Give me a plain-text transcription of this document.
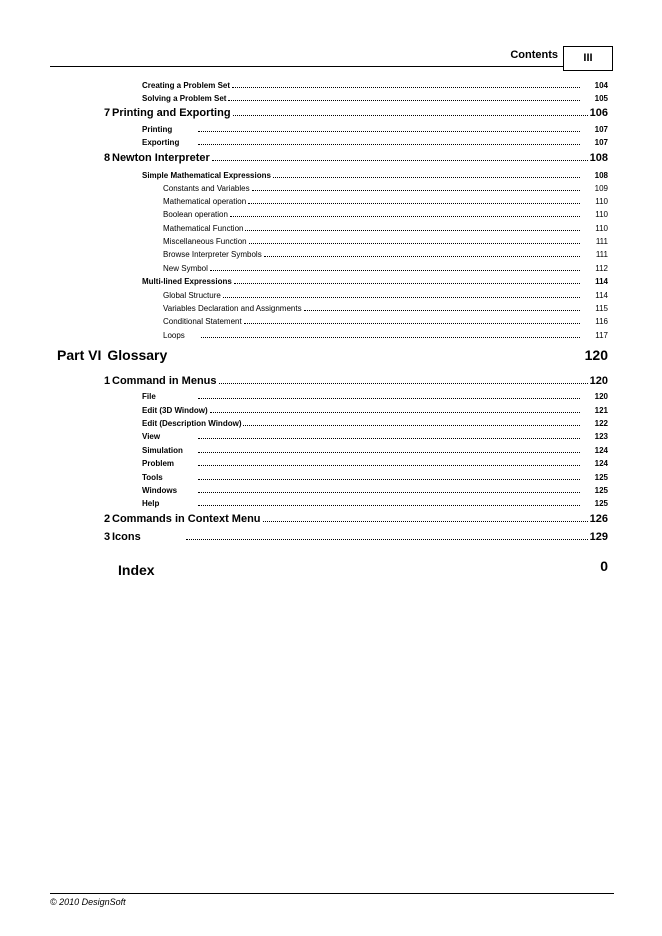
Contents	III
Creating a Problem Set	104
Solving a Problem Set	105
7 Printing and Exporting	106
Printing	107
Exporting	107
8 Newton Interpreter	108
Simple Mathematical Expressions	108
Constants and Variables	109
Mathematical operation	110
Boolean operation	110
Mathematical Function	110
Miscellaneous Function	111
Browse Interpreter Symbols	111
New Symbol	112
Multi-lined Expressions	114
Global Structure	114
Variables Declaration and Assignments	115
Conditional Statement	116
Loops	117
Part VI Glossary	120
1 Command in Menus	120
File	120
Edit (3D Window)	121
Edit (Description Window)	122
View	123
Simulation	124
Problem	124
Tools	125
Windows	125
Help	125
2 Commands in Context Menu	126
3 Icons	129
Index	0
© 2010 DesignSoft
